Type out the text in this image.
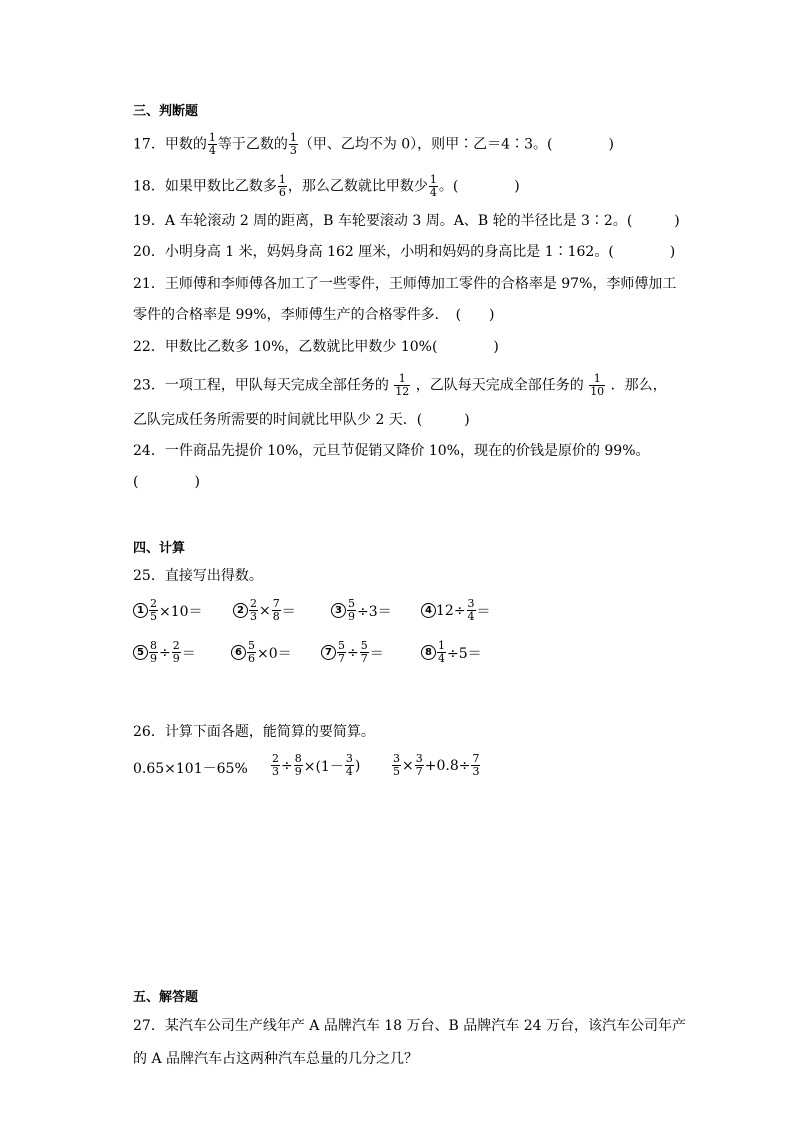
三、判断题
17．甲数的 $\frac{1}{4}$ 等于乙数的 $\frac{1}{3}$ （甲、乙均不为 0），则甲∶乙＝4∶3。(　　　　)
18．如果甲数比乙数多 $\frac{1}{6}$ ，那么乙数就比甲数少 $\frac{1}{4}$ 。(　　　　)
19．A 车轮滚动 2 周的距离，B 车轮要滚动 3 周。A、B 轮的半径比是 3∶2。(　　　)
20．小明身高 1 米，妈妈身高 162 厘米，小明和妈妈的身高比是 1∶162。(　　　　)
21．王师傅和李师傅各加工了一些零件，王师傅加工零件的合格率是 97%，李师傅加工
零件的合格率是 99%，李师傅生产的合格零件多．　(　　)
22．甲数比乙数多 10%，乙数就比甲数少 10%(　　　　)
23．一项工程，甲队每天完成全部任务的 $\frac{1}{12}$ ，乙队每天完成全部任务的 $\frac{1}{10}$ ．那么，
乙队完成任务所需要的时间就比甲队少 2 天．(　　　)
24．一件商品先提价 10%，元旦节促销又降价 10%，现在的价钱是原价的 99%。
(　　　　)
四、计算
25．直接写出得数。
$1 \frac{2}{5} \times 10=$	$2 \frac{2}{3} \times \frac{7}{8}$ ＝	$3 \frac{5}{9} \div 3=$	4 $12\div \frac{3}{4}$ ＝
$5 \frac{8}{9} \div \frac{2}{9}$ ＝	$6 \frac{5}{6} \times 0=$	$7 \frac{5}{7} \div \frac{5}{7}$ ＝	$8 \frac{1}{4} \div 5=$
26．计算下面各题，能简算的要简算。
$0.65\times 101-65\% \frac{2}{3} \div \frac{8}{9} \times(1- \frac{3}{4}$ )	$\frac{3}{5} \times \frac{3}{7} +0.8\div \frac{7}{3}$
五、解答题
27．某汽车公司生产线年产 A 品牌汽车 18 万台、B 品牌汽车 24 万台，该汽车公司年产
的 A 品牌汽车占这两种汽车总量的几分之几？
